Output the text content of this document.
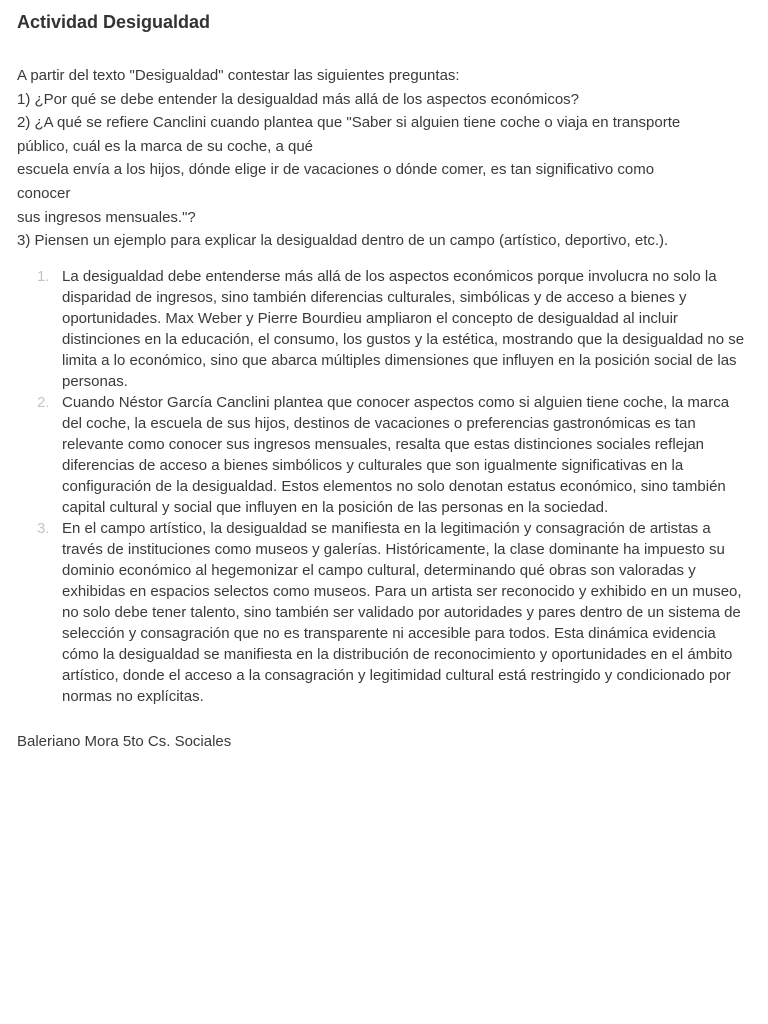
Actividad Desigualdad
A partir del texto "Desigualdad" contestar las siguientes preguntas:
1) ¿Por qué se debe entender la desigualdad más allá de los aspectos económicos?
2) ¿A qué se refiere Canclini cuando plantea que "Saber si alguien tiene coche o viaja en transporte
público, cuál es la marca de su coche, a qué
escuela envía a los hijos, dónde elige ir de vacaciones o dónde comer, es tan significativo como
conocer
sus ingresos mensuales."?
3) Piensen un ejemplo para explicar la desigualdad dentro de un campo (artístico, deportivo, etc.).
1. La desigualdad debe entenderse más allá de los aspectos económicos porque involucra no solo la disparidad de ingresos, sino también diferencias culturales, simbólicas y de acceso a bienes y oportunidades. Max Weber y Pierre Bourdieu ampliaron el concepto de desigualdad al incluir distinciones en la educación, el consumo, los gustos y la estética, mostrando que la desigualdad no se limita a lo económico, sino que abarca múltiples dimensiones que influyen en la posición social de las personas.
2. Cuando Néstor García Canclini plantea que conocer aspectos como si alguien tiene coche, la marca del coche, la escuela de sus hijos, destinos de vacaciones o preferencias gastronómicas es tan relevante como conocer sus ingresos mensuales, resalta que estas distinciones sociales reflejan diferencias de acceso a bienes simbólicos y culturales que son igualmente significativas en la configuración de la desigualdad. Estos elementos no solo denotan estatus económico, sino también capital cultural y social que influyen en la posición de las personas en la sociedad.
3. En el campo artístico, la desigualdad se manifiesta en la legitimación y consagración de artistas a través de instituciones como museos y galerías. Históricamente, la clase dominante ha impuesto su dominio económico al hegemonizar el campo cultural, determinando qué obras son valoradas y exhibidas en espacios selectos como museos. Para un artista ser reconocido y exhibido en un museo, no solo debe tener talento, sino también ser validado por autoridades y pares dentro de un sistema de selección y consagración que no es transparente ni accesible para todos. Esta dinámica evidencia cómo la desigualdad se manifiesta en la distribución de reconocimiento y oportunidades en el ámbito artístico, donde el acceso a la consagración y legitimidad cultural está restringido y condicionado por normas no explícitas.
Baleriano Mora 5to Cs. Sociales
